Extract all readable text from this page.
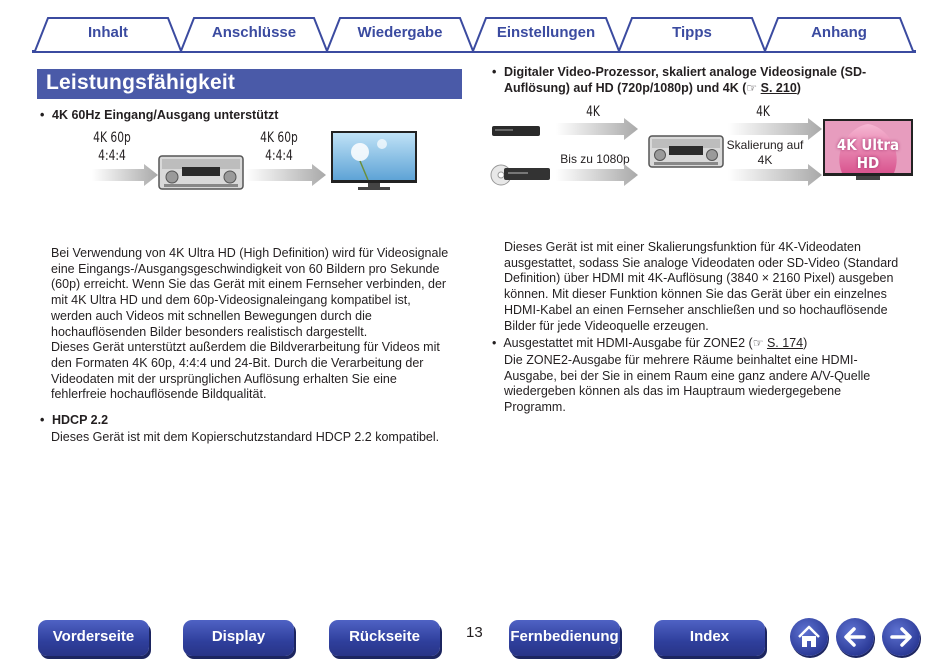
Inhalt	Anschlüsse	Wiedergabe	Einstellungen	Tipps	Anhang
Leistungsfähigkeit
• 4K 60Hz Eingang/Ausgang unterstützt
4K 60p
4:4:4
4K 60p
4:4:4

Bei Verwendung von 4K Ultra HD (High Definition) wird für Videosignale

eine Eingangs-/Ausgangsgeschwindigkeit von 60 Bildern pro Sekunde

(60p) erreicht. Wenn Sie das Gerät mit einem Fernseher verbinden, der

mit 4K Ultra HD und dem 60p-Videosignaleingang kompatibel ist,

werden auch Videos mit schnellen Bewegungen durch die

hochauflösenden Bilder besonders realistisch dargestellt.

Dieses Gerät unterstützt außerdem die Bildverarbeitung für Videos mit

den Formaten 4K 60p, 4:4:4 und 24-Bit. Durch die Verarbeitung der

Videodaten mit der ursprünglichen Auflösung erhalten Sie eine

fehlerfreie hochauflösende Bildqualität.

• HDCP 2.2

Dieses Gerät ist mit dem Kopierschutzstandard HDCP 2.2 kompatibel.

• Digitaler Video-Prozessor, skaliert analoge Videosignale (SD-
Auflösung) auf HD (720p/1080p) und 4K (☞ S. 210)
4K	4K
Bis zu 1080p
Skalierung auf
4K
4K Ultra HD

Dieses Gerät ist mit einer Skalierungsfunktion für 4K-Videodaten

ausgestattet, sodass Sie analoge Videodaten oder SD-Video (Standard

Definition) über HDMI mit 4K-Auflösung (3840 × 2160 Pixel) ausgeben

können. Mit dieser Funktion können Sie das Gerät über ein einzelnes

HDMI-Kabel an einen Fernseher anschließen und so hochauflösende

Bilder für jede Videoquelle erzeugen.

•  Ausgestattet mit HDMI-Ausgabe für ZONE2 (☞ S. 174)

Die ZONE2-Ausgabe für mehrere Räume beinhaltet eine HDMI-

Ausgabe, bei der Sie in einem Raum eine ganz andere A/V-Quelle

wiedergeben können als das im Hauptraum wiedergegebene

Programm.

Vorderseite	Display	Rückseite	13 Fernbedienung	Index
